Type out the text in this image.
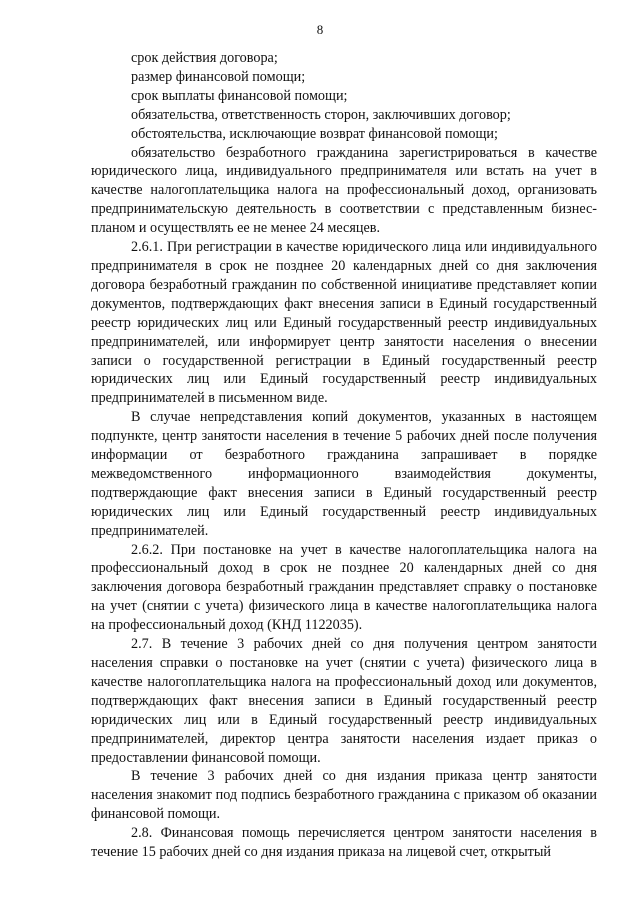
8

срок действия договора;

размер финансовой помощи;

срок выплаты финансовой помощи;

обязательства, ответственность сторон, заключивших договор;

обстоятельства, исключающие возврат финансовой помощи;

обязательство безработного гражданина зарегистрироваться в качестве юридического лица, индивидуального предпринимателя или встать на учет в качестве налогоплательщика налога на профессиональный доход, организовать предпринимательскую деятельность в соответствии с представленным бизнес-планом и осуществлять ее не менее 24 месяцев.

2.6.1. При регистрации в качестве юридического лица или индивидуального предпринимателя в срок не позднее 20 календарных дней со дня заключения договора безработный гражданин по собственной инициативе представляет копии документов, подтверждающих факт внесения записи в Единый государственный реестр юридических лиц или Единый государственный реестр индивидуальных предпринимателей, или информирует центр занятости населения о внесении записи о государственной регистрации в Единый государственный реестр юридических лиц или Единый государственный реестр индивидуальных предпринимателей в письменном виде.

В случае непредставления копий документов, указанных в настоящем подпункте, центр занятости населения в течение 5 рабочих дней после получения информации от безработного гражданина запрашивает в порядке межведомственного информационного взаимодействия документы, подтверждающие факт внесения записи в Единый государственный реестр юридических лиц или Единый государственный реестр индивидуальных предпринимателей.

2.6.2. При постановке на учет в качестве налогоплательщика налога на профессиональный доход в срок не позднее 20 календарных дней со дня заключения договора безработный гражданин представляет справку о постановке на учет (снятии с учета) физического лица в качестве налогоплательщика налога на профессиональный доход (КНД 1122035).

2.7. В течение 3 рабочих дней со дня получения центром занятости населения справки о постановке на учет (снятии с учета) физического лица в качестве налогоплательщика налога на профессиональный доход или документов, подтверждающих факт внесения записи в Единый государственный реестр юридических лиц или в Единый государственный реестр индивидуальных предпринимателей, директор центра занятости населения издает приказ о предоставлении финансовой помощи.

В течение 3 рабочих дней со дня издания приказа центр занятости населения знакомит под подпись безработного гражданина с приказом об оказании финансовой помощи.

2.8. Финансовая помощь перечисляется центром занятости населения в течение 15 рабочих дней со дня издания приказа на лицевой счет, открытый
